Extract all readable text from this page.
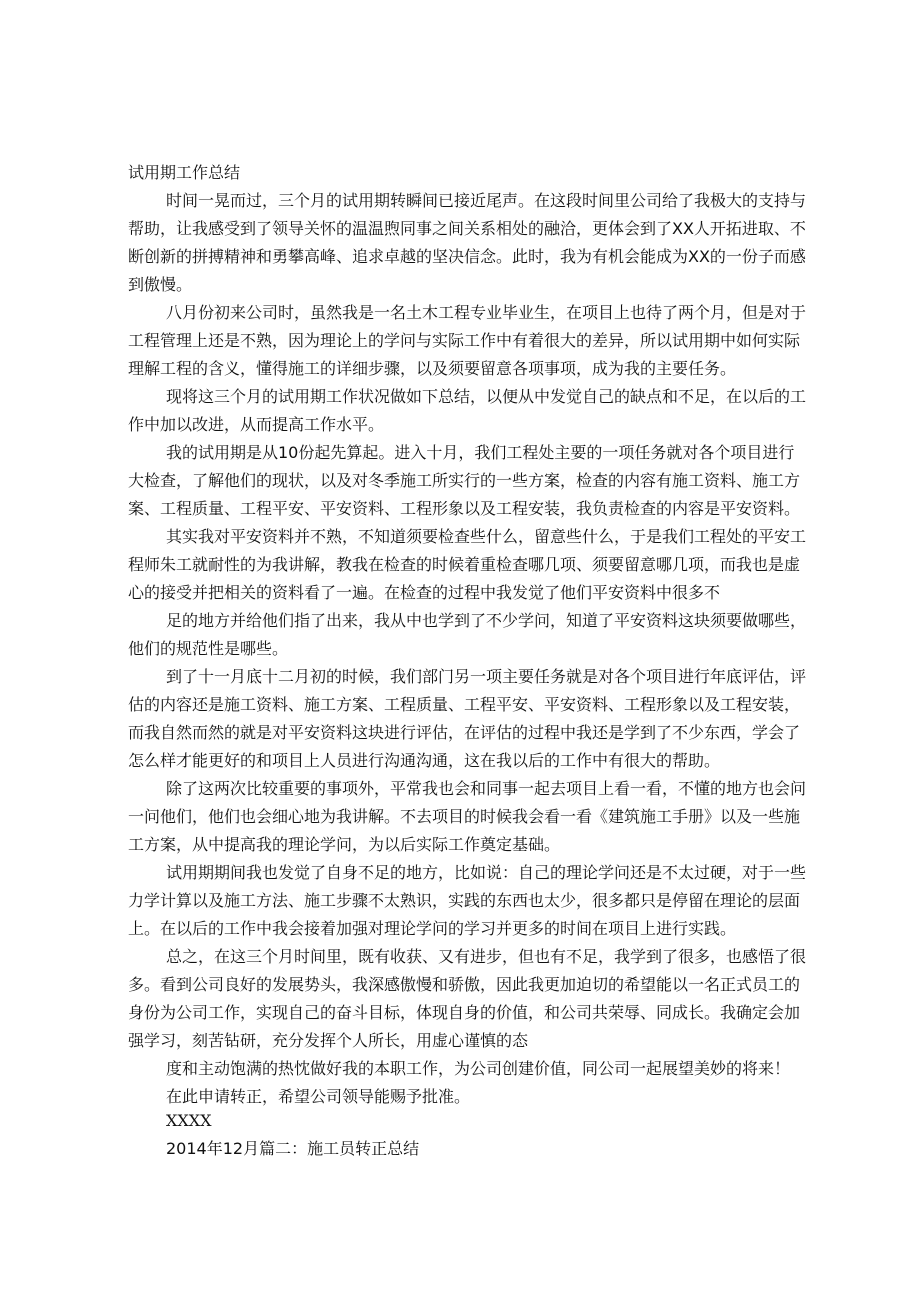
试用期工作总结
时间一晃而过，三个月的试用期转瞬间已接近尾声。在这段时间里公司给了我极大的支持与
帮助，让我感受到了领导关怀的温温煦同事之间关系相处的融洽，更体会到了XX人开拓进取、不
断创新的拼搏精神和勇攀高峰、追求卓越的坚决信念。此时，我为有机会能成为XX的一份子而感
到傲慢。
八月份初来公司时，虽然我是一名土木工程专业毕业生，在项目上也待了两个月，但是对于
工程管理上还是不熟，因为理论上的学问与实际工作中有着很大的差异，所以试用期中如何实际
理解工程的含义，懂得施工的详细步骤，以及须要留意各项事项，成为我的主要任务。
现将这三个月的试用期工作状况做如下总结，以便从中发觉自己的缺点和不足，在以后的工
作中加以改进，从而提高工作水平。
我的试用期是从10份起先算起。进入十月，我们工程处主要的一项任务就对各个项目进行
大检查，了解他们的现状，以及对冬季施工所实行的一些方案，检查的内容有施工资料、施工方
案、工程质量、工程平安、平安资料、工程形象以及工程安装，我负责检查的内容是平安资料。
其实我对平安资料并不熟，不知道须要检查些什么，留意些什么，于是我们工程处的平安工
程师朱工就耐性的为我讲解，教我在检查的时候着重检查哪几项、须要留意哪几项，而我也是虚
心的接受并把相关的资料看了一遍。在检查的过程中我发觉了他们平安资料中很多不
足的地方并给他们指了出来，我从中也学到了不少学问，知道了平安资料这块须要做哪些，
他们的规范性是哪些。
到了十一月底十二月初的时候，我们部门另一项主要任务就是对各个项目进行年底评估，评
估的内容还是施工资料、施工方案、工程质量、工程平安、平安资料、工程形象以及工程安装，
而我自然而然的就是对平安资料这块进行评估，在评估的过程中我还是学到了不少东西，学会了
怎么样才能更好的和项目上人员进行沟通沟通，这在我以后的工作中有很大的帮助。
除了这两次比较重要的事项外，平常我也会和同事一起去项目上看一看，不懂的地方也会问
一问他们，他们也会细心地为我讲解。不去项目的时候我会看一看《建筑施工手册》以及一些施
工方案，从中提高我的理论学问，为以后实际工作奠定基础。
试用期期间我也发觉了自身不足的地方，比如说：自己的理论学问还是不太过硬，对于一些
力学计算以及施工方法、施工步骤不太熟识，实践的东西也太少，很多都只是停留在理论的层面
上。在以后的工作中我会接着加强对理论学问的学习并更多的时间在项目上进行实践。
总之，在这三个月时间里，既有收获、又有进步，但也有不足，我学到了很多，也感悟了很
多。看到公司良好的发展势头，我深感傲慢和骄傲，因此我更加迫切的希望能以一名正式员工的
身份为公司工作，实现自己的奋斗目标，体现自身的价值，和公司共荣辱、同成长。我确定会加
强学习，刻苦钻研，充分发挥个人所长，用虚心谨慎的态
度和主动饱满的热忱做好我的本职工作，为公司创建价值，同公司一起展望美妙的将来！
在此申请转正，希望公司领导能赐予批准。
XXXX
2014年12月篇二：施工员转正总结
